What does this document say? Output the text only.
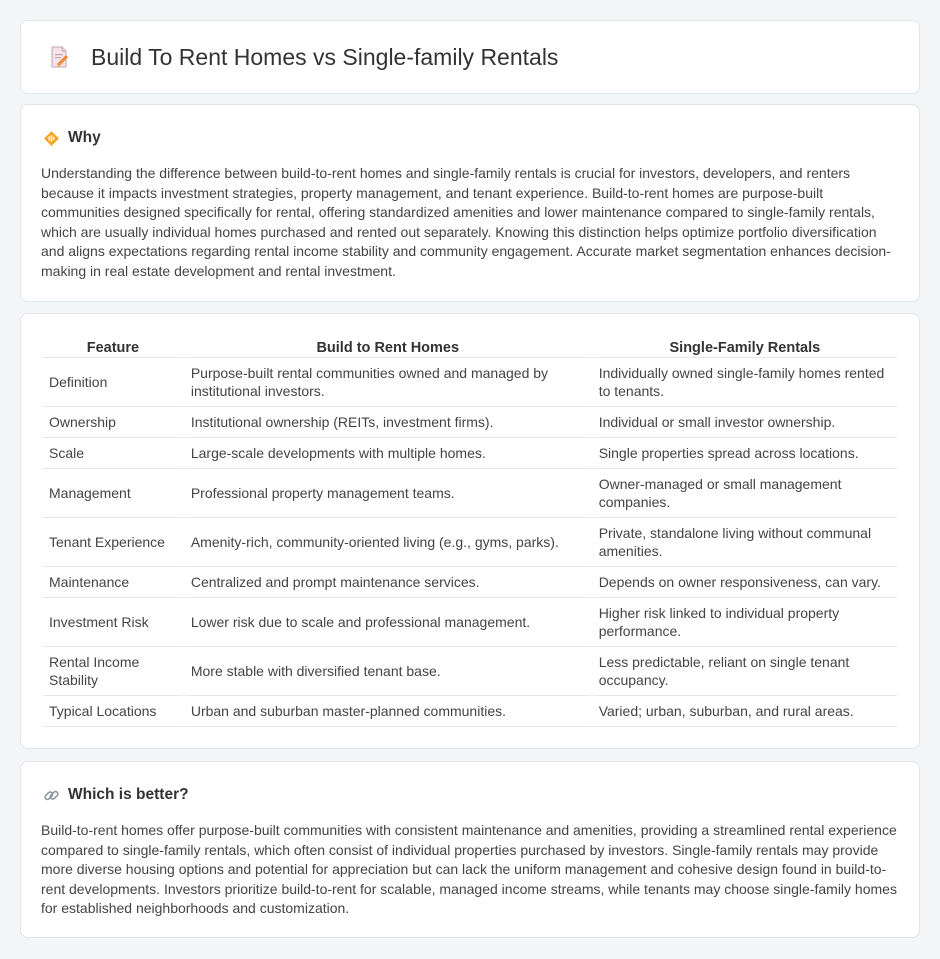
Build To Rent Homes vs Single-family Rentals
Why

Understanding the difference between build-to-rent homes and single-family rentals is crucial for investors, developers, and renters because it impacts investment strategies, property management, and tenant experience. Build-to-rent homes are purpose-built communities designed specifically for rental, offering standardized amenities and lower maintenance compared to single-family rentals, which are usually individual homes purchased and rented out separately. Knowing this distinction helps optimize portfolio diversification and aligns expectations regarding rental income stability and community engagement. Accurate market segmentation enhances decision-making in real estate development and rental investment.

Feature	Build to Rent Homes	Single-Family Rentals
Definition	Purpose-built rental communities owned and managed by institutional investors.	Individually owned single-family homes rented to tenants.
Ownership	Institutional ownership (REITs, investment firms).	Individual or small investor ownership.
Scale	Large-scale developments with multiple homes.	Single properties spread across locations.
Management	Professional property management teams.	Owner-managed or small management companies.
Tenant Experience	Amenity-rich, community-oriented living (e.g., gyms, parks).	Private, standalone living without communal amenities.
Maintenance	Centralized and prompt maintenance services.	Depends on owner responsiveness, can vary.
Investment Risk	Lower risk due to scale and professional management.	Higher risk linked to individual property performance.
Rental Income Stability	More stable with diversified tenant base.	Less predictable, reliant on single tenant occupancy.
Typical Locations	Urban and suburban master-planned communities.	Varied; urban, suburban, and rural areas.
Which is better?

Build-to-rent homes offer purpose-built communities with consistent maintenance and amenities, providing a streamlined rental experience compared to single-family rentals, which often consist of individual properties purchased by investors. Single-family rentals may provide more diverse housing options and potential for appreciation but can lack the uniform management and cohesive design found in build-to-rent developments. Investors prioritize build-to-rent for scalable, managed income streams, while tenants may choose single-family homes for established neighborhoods and customization.
